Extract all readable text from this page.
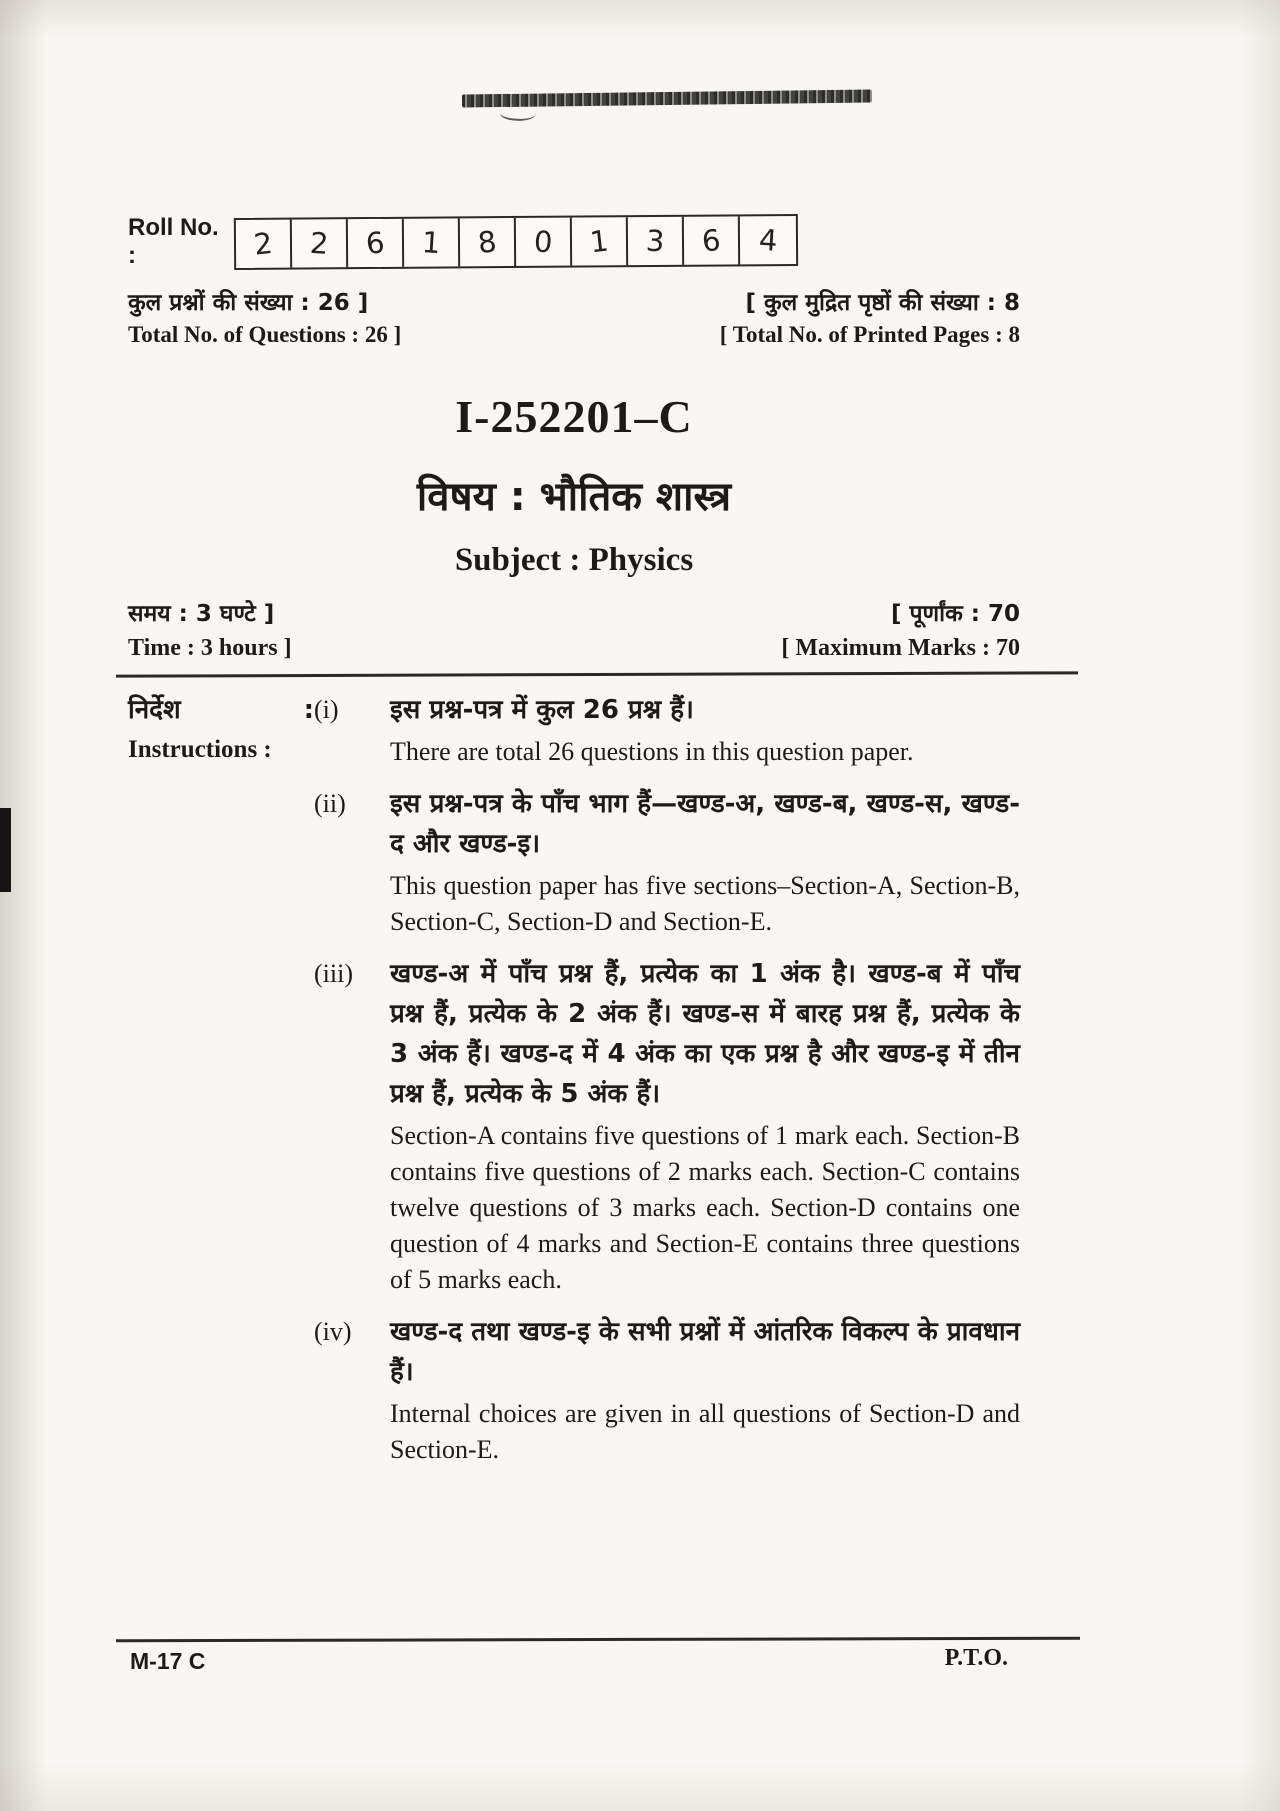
Roll No. :	2 2 6 1 8 0 1 3 6 4
कुल प्रश्नों की संख्या : 26 ]
Total No. of Questions : 26 ]
[ कुल मुद्रित पृष्ठों की संख्या : 8
[ Total No. of Printed Pages : 8
I-252201–C
विषय : भौतिक शास्त्र
Subject : Physics
समय : 3 घण्टे ]
Time : 3 hours ]
[ पूर्णांक : 70
[ Maximum Marks : 70
निर्देश	:
Instructions :
(i)	इस प्रश्न-पत्र में कुल 26 प्रश्न हैं।
There are total 26 questions in this question paper.
(ii)	इस प्रश्न-पत्र के पाँच भाग हैं—खण्ड-अ, खण्ड-ब, खण्ड-स, खण्ड-द और खण्ड-इ।
This question paper has five sections–Section-A, Section-B, Section-C, Section-D and Section-E.
(iii)	खण्ड-अ में पाँच प्रश्न हैं, प्रत्येक का 1 अंक है। खण्ड-ब में पाँच प्रश्न हैं, प्रत्येक के 2 अंक हैं। खण्ड-स में बारह प्रश्न हैं, प्रत्येक के 3 अंक हैं। खण्ड-द में 4 अंक का एक प्रश्न है और खण्ड-इ में तीन प्रश्न हैं, प्रत्येक के 5 अंक हैं।
Section-A contains five questions of 1 mark each. Section-B contains five questions of 2 marks each. Section-C contains twelve questions of 3 marks each. Section-D contains one question of 4 marks and Section-E contains three questions of 5 marks each.
(iv)	खण्ड-द तथा खण्ड-इ के सभी प्रश्नों में आंतरिक विकल्प के प्रावधान हैं।
Internal choices are given in all questions of Section-D and Section-E.
M-17 C	P.T.O.
